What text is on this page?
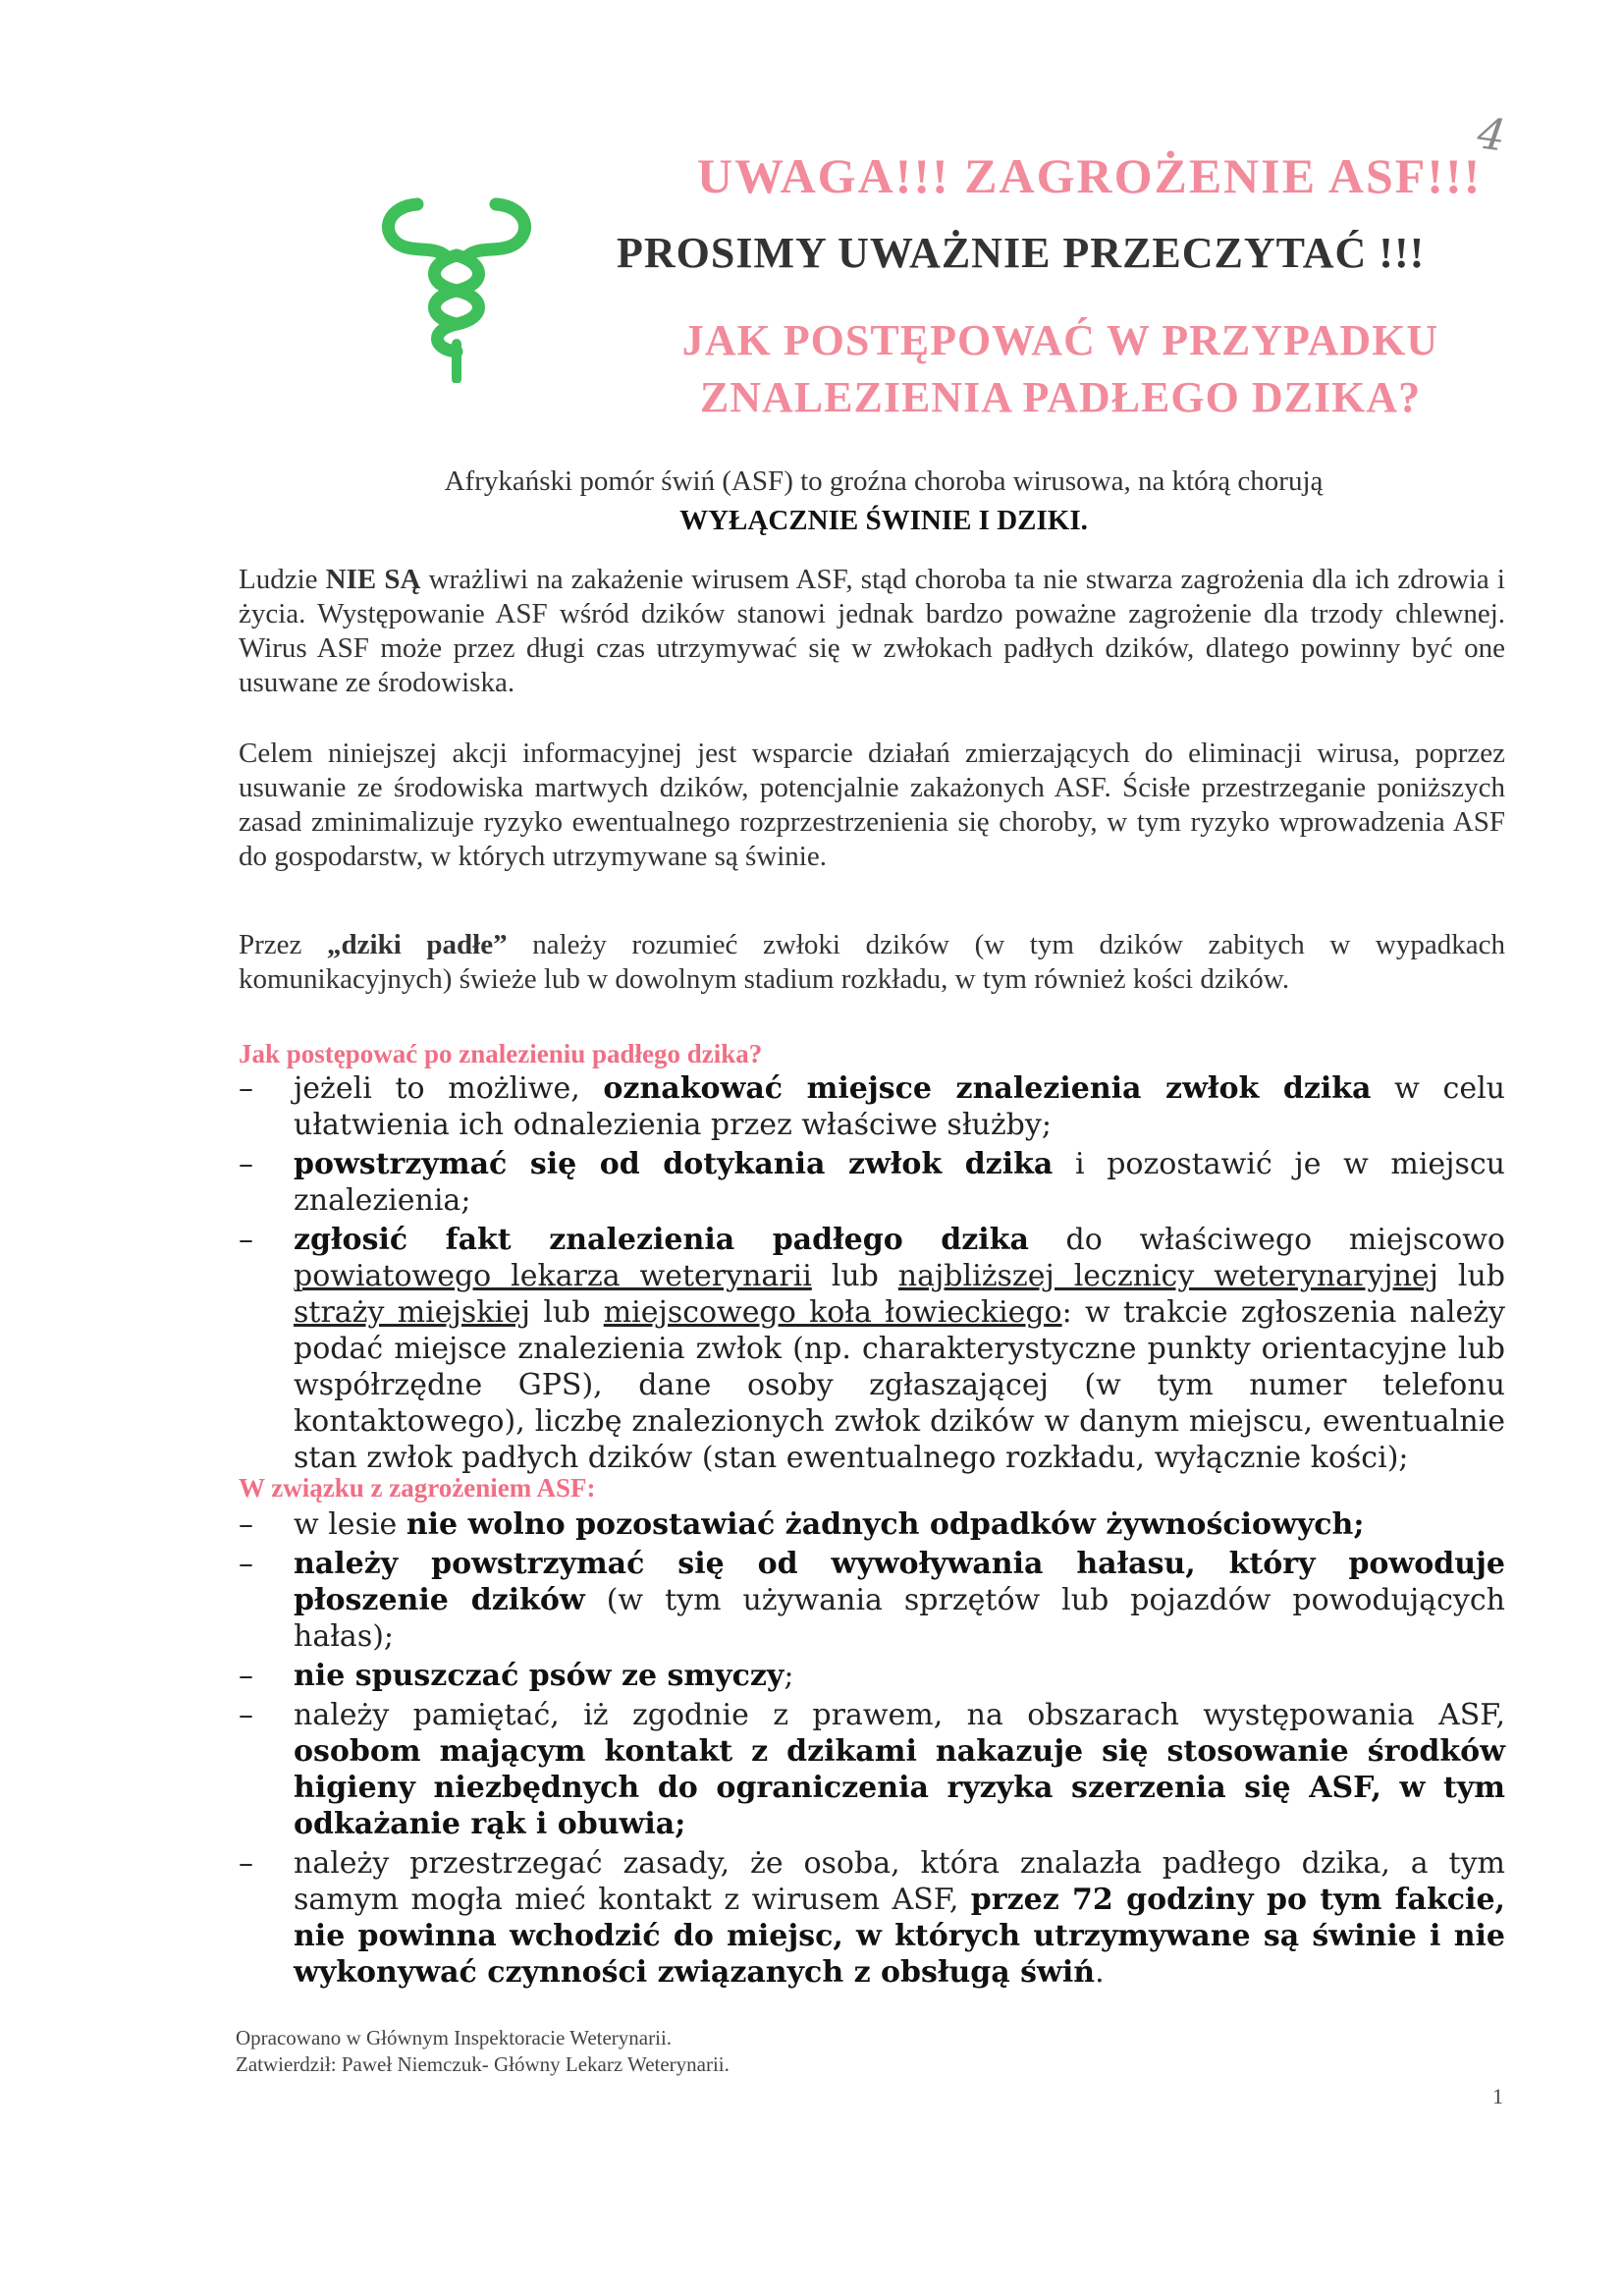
4
UWAGA!!! ZAGROŻENIE ASF!!!
PROSIMY UWAŻNIE PRZECZYTAĆ !!!
JAK POSTĘPOWAĆ W PRZYPADKU ZNALEZIENIA PADŁEGO DZIKA?
Afrykański pomór świń (ASF) to groźna choroba wirusowa, na którą chorują
WYŁĄCZNIE ŚWINIE I DZIKI.
Ludzie NIE SĄ wrażliwi na zakażenie wirusem ASF, stąd choroba ta nie stwarza zagrożenia dla ich zdrowia i życia. Występowanie ASF wśród dzików stanowi jednak bardzo poważne zagrożenie dla trzody chlewnej. Wirus ASF może przez długi czas utrzymywać się w zwłokach padłych dzików, dlatego powinny być one usuwane ze środowiska.
Celem niniejszej akcji informacyjnej jest wsparcie działań zmierzających do eliminacji wirusa, poprzez usuwanie ze środowiska martwych dzików, potencjalnie zakażonych ASF. Ścisłe przestrzeganie poniższych zasad zminimalizuje ryzyko ewentualnego rozprzestrzenienia się choroby, w tym ryzyko wprowadzenia ASF do gospodarstw, w których utrzymywane są świnie.
Przez „dziki padłe” należy rozumieć zwłoki dzików (w tym dzików zabitych w wypadkach komunikacyjnych) świeże lub w dowolnym stadium rozkładu, w tym również kości dzików.
Jak postępować po znalezieniu padłego dzika?
– jeżeli to możliwe, oznakować miejsce znalezienia zwłok dzika w celu ułatwienia ich odnalezienia przez właściwe służby;
– powstrzymać się od dotykania zwłok dzika i pozostawić je w miejscu znalezienia;
– zgłosić fakt znalezienia padłego dzika do właściwego miejscowo powiatowego lekarza weterynarii lub najbliższej lecznicy weterynaryjnej lub straży miejskiej lub miejscowego koła łowieckiego: w trakcie zgłoszenia należy podać miejsce znalezienia zwłok (np. charakterystyczne punkty orientacyjne lub współrzędne GPS), dane osoby zgłaszającej (w tym numer telefonu kontaktowego), liczbę znalezionych zwłok dzików w danym miejscu, ewentualnie stan zwłok padłych dzików (stan ewentualnego rozkładu, wyłącznie kości);
W związku z zagrożeniem ASF:
– w lesie nie wolno pozostawiać żadnych odpadków żywnościowych;
– należy powstrzymać się od wywoływania hałasu, który powoduje płoszenie dzików (w tym używania sprzętów lub pojazdów powodujących hałas);
– nie spuszczać psów ze smyczy;
– należy pamiętać, iż zgodnie z prawem, na obszarach występowania ASF, osobom mającym kontakt z dzikami nakazuje się stosowanie środków higieny niezbędnych do ograniczenia ryzyka szerzenia się ASF, w tym odkażanie rąk i obuwia;
– należy przestrzegać zasady, że osoba, która znalazła padłego dzika, a tym samym mogła mieć kontakt z wirusem ASF, przez 72 godziny po tym fakcie, nie powinna wchodzić do miejsc, w których utrzymywane są świnie i nie wykonywać czynności związanych z obsługą świń.
Opracowano w Głównym Inspektoracie Weterynarii.
Zatwierdził: Paweł Niemczuk- Główny Lekarz Weterynarii.
1
